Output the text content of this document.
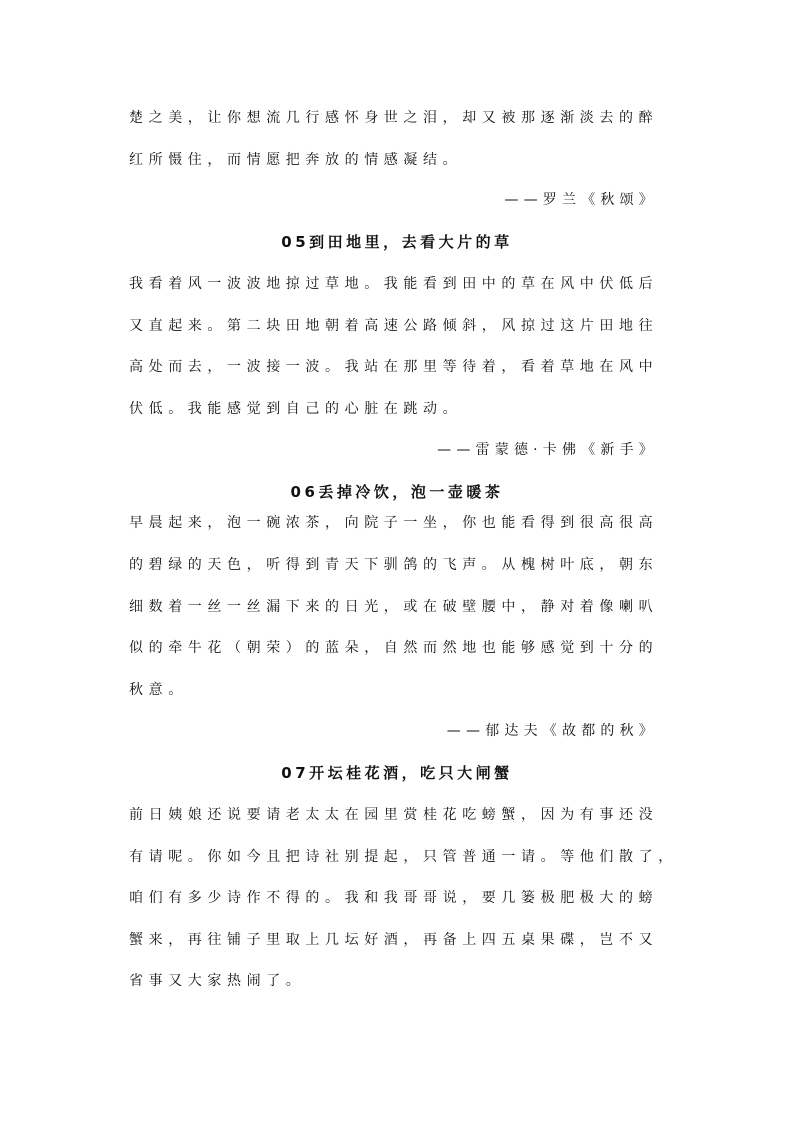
楚之美，让你想流几行感怀身世之泪，却又被那逐渐淡去的醉
红所慑住，而情愿把奔放的情感凝结。
——罗兰《秋颂》
05到田地里，去看大片的草
我看着风一波波地掠过草地。我能看到田中的草在风中伏低后
又直起来。第二块田地朝着高速公路倾斜，风掠过这片田地往
高处而去，一波接一波。我站在那里等待着，看着草地在风中
伏低。我能感觉到自己的心脏在跳动。
——雷蒙德·卡佛《新手》
06丢掉冷饮，泡一壶暖茶
早晨起来，泡一碗浓茶，向院子一坐，你也能看得到很高很高
的碧绿的天色，听得到青天下驯鸽的飞声。从槐树叶底，朝东
细数着一丝一丝漏下来的日光，或在破壁腰中，静对着像喇叭
似的牵牛花（朝荣）的蓝朵，自然而然地也能够感觉到十分的
秋意。
——郁达夫《故都的秋》
07开坛桂花酒，吃只大闸蟹
前日姨娘还说要请老太太在园里赏桂花吃螃蟹，因为有事还没
有请呢。你如今且把诗社别提起，只管普通一请。等他们散了，
咱们有多少诗作不得的。我和我哥哥说，要几篓极肥极大的螃
蟹来，再往铺子里取上几坛好酒，再备上四五桌果碟，岂不又
省事又大家热闹了。
